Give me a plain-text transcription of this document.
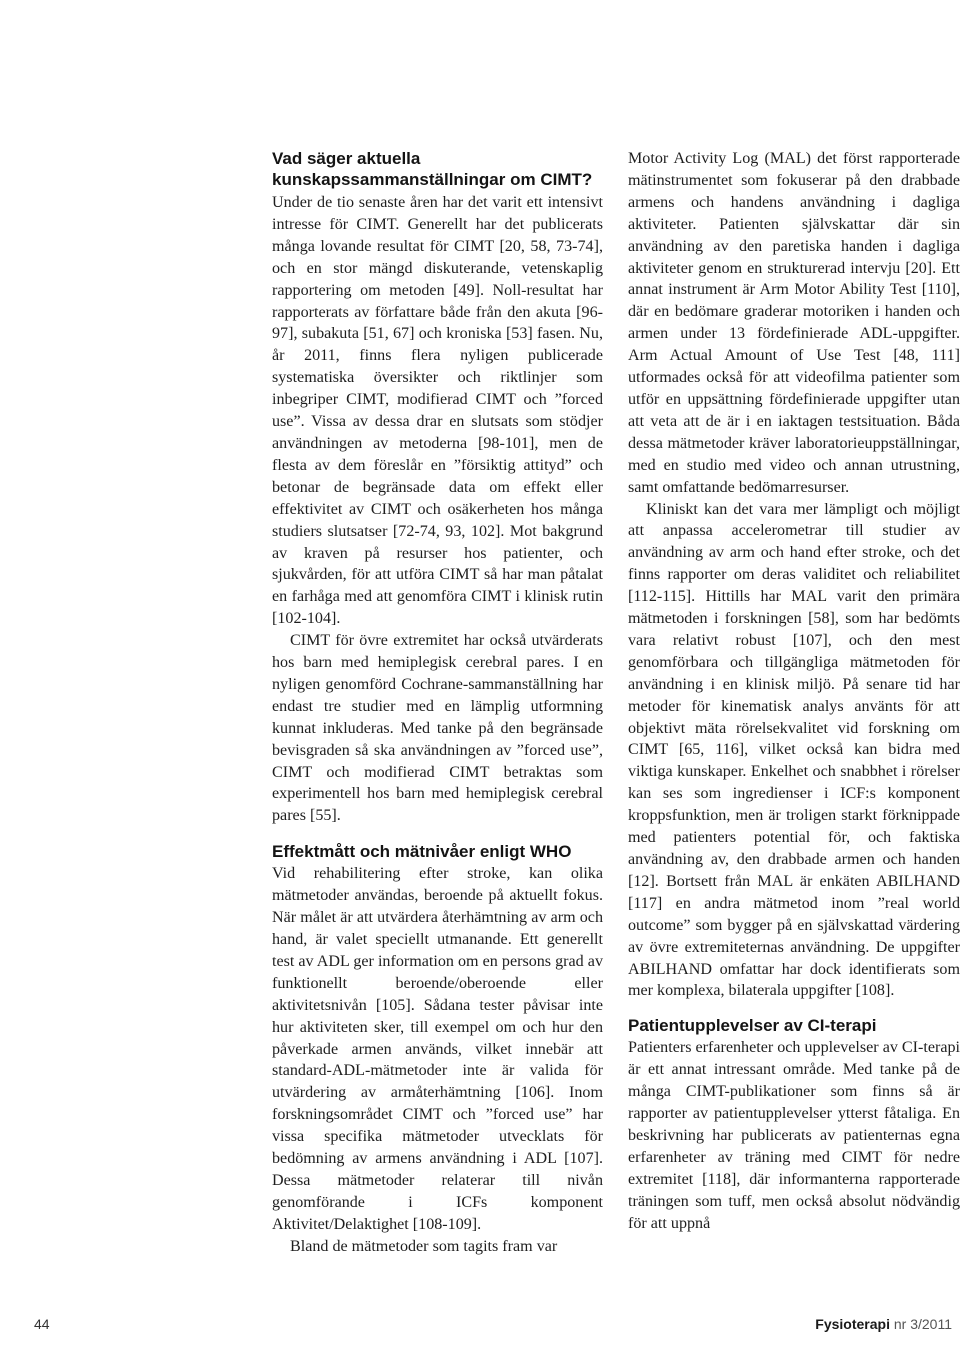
Vad säger aktuella kunskapssammanställningar om CIMT?

Under de tio senaste åren har det varit ett intensivt intresse för CIMT. Generellt har det publicerats många lovande resultat för CIMT [20, 58, 73-74], och en stor mängd diskuterande, vetenskaplig rapportering om metoden [49]. Noll-resultat har rapporterats av författare både från den akuta [96-97], subakuta [51, 67] och kroniska [53] fasen. Nu, år 2011, finns flera nyligen publicerade systematiska översikter och riktlinjer som inbegriper CIMT, modifierad CIMT och ”forced use”. Vissa av dessa drar en slutsats som stödjer användningen av metoderna [98-101], men de flesta av dem föreslår en ”försiktig attityd” och betonar de begränsade data om effekt eller effektivitet av CIMT och osäkerheten hos många studiers slutsatser [72-74, 93, 102]. Mot bakgrund av kraven på resurser hos patienter, och sjukvården, för att utföra CIMT så har man påtalat en farhåga med att genomföra CIMT i klinisk rutin [102-104].

CIMT för övre extremitet har också utvärderats hos barn med hemiplegisk cerebral pares. I en nyligen genomförd Cochrane-sammanställning har endast tre studier med en lämplig utformning kunnat inkluderas. Med tanke på den begränsade bevisgraden så ska användningen av ”forced use”, CIMT och modifierad CIMT betraktas som experimentell hos barn med hemiplegisk cerebral pares [55].

Effektmått och mätnivåer enligt WHO

Vid rehabilitering efter stroke, kan olika mätmetoder användas, beroende på aktuellt fokus. När målet är att utvärdera återhämtning av arm och hand, är valet speciellt utmanande. Ett generellt test av ADL ger information om en persons grad av funktionellt beroende/oberoende eller aktivitetsnivån [105]. Sådana tester påvisar inte hur aktiviteten sker, till exempel om och hur den påverkade armen används, vilket innebär att standard-ADL-mätmetoder inte är valida för utvärdering av armåterhämtning [106]. Inom forskningsområdet CIMT och ”forced use” har vissa specifika mätmetoder utvecklats för bedömning av armens användning i ADL [107]. Dessa mätmetoder relaterar till nivån genomförande i ICFs komponent Aktivitet/Delaktighet [108-109].

Bland de mätmetoder som tagits fram var

Motor Activity Log (MAL) det först rapporterade mätinstrumentet som fokuserar på den drabbade armens och handens användning i dagliga aktiviteter. Patienten självskattar där sin användning av den paretiska handen i dagliga aktiviteter genom en strukturerad intervju [20]. Ett annat instrument är Arm Motor Ability Test [110], där en bedömare graderar motoriken i handen och armen under 13 fördefinierade ADL-uppgifter. Arm Actual Amount of Use Test [48, 111] utformades också för att videofilma patienter som utför en uppsättning fördefinierade uppgifter utan att veta att de är i en iaktagen testsituation. Båda dessa mätmetoder kräver laboratorieuppställningar, med en studio med video och annan utrustning, samt omfattande bedömarresurser.

Kliniskt kan det vara mer lämpligt och möjligt att anpassa accelerometrar till studier av användning av arm och hand efter stroke, och det finns rapporter om deras validitet och reliabilitet [112-115]. Hittills har MAL varit den primära mätmetoden i forskningen [58], som har bedömts vara relativt robust [107], och den mest genomförbara och tillgängliga mätmetoden för användning i en klinisk miljö. På senare tid har metoder för kinematisk analys använts för att objektivt mäta rörelsekvalitet vid forskning om CIMT [65, 116], vilket också kan bidra med viktiga kunskaper. Enkelhet och snabbhet i rörelser kan ses som ingredienser i ICF:s komponent kroppsfunktion, men är troligen starkt förknippade med patienters potential för, och faktiska användning av, den drabbade armen och handen [12]. Bortsett från MAL är enkäten ABILHAND [117] en andra mätmetod inom ”real world outcome” som bygger på en självskattad värdering av övre extremiteternas användning. De uppgifter ABILHAND omfattar har dock identifierats som mer komplexa, bilaterala uppgifter [108].

Patientupplevelser av CI-terapi

Patienters erfarenheter och upplevelser av CI-terapi är ett annat intressant område. Med tanke på de många CIMT-publikationer som finns så är rapporter av patientupplevelser ytterst fåtaliga. En beskrivning har publicerats av patienternas egna erfarenheter av träning med CIMT för nedre extremitet [118], där informanterna rapporterade träningen som tuff, men också absolut nödvändig för att uppnå

44	Fysioterapi nr 3/2011
